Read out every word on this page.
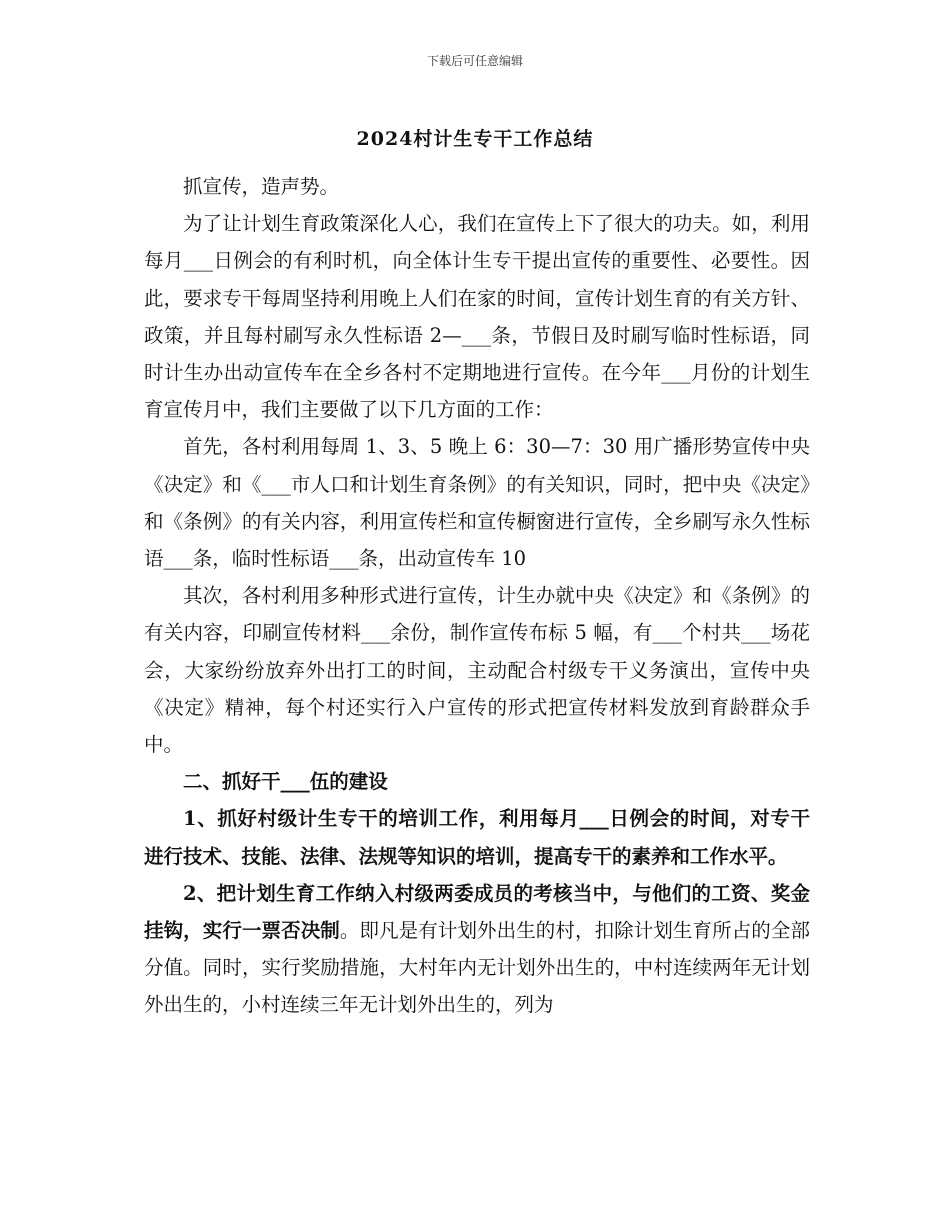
下载后可任意编辑
2024村计生专干工作总结

抓宣传，造声势。

为了让计划生育政策深化人心，我们在宣传上下了很大的功夫。如，利用每月___日例会的有利时机，向全体计生专干提出宣传的重要性、必要性。因此，要求专干每周坚持利用晚上人们在家的时间，宣传计划生育的有关方针、政策，并且每村刷写永久性标语 2—___条，节假日及时刷写临时性标语，同时计生办出动宣传车在全乡各村不定期地进行宣传。在今年___月份的计划生育宣传月中，我们主要做了以下几方面的工作：

首先，各村利用每周 1、3、5 晚上 6：30—7：30 用广播形势宣传中央《决定》和《___市人口和计划生育条例》的有关知识，同时，把中央《决定》和《条例》的有关内容，利用宣传栏和宣传橱窗进行宣传，全乡刷写永久性标语___条，临时性标语___条，出动宣传车 10

其次，各村利用多种形式进行宣传，计生办就中央《决定》和《条例》的有关内容，印刷宣传材料___余份，制作宣传布标 5 幅，有___个村共___场花会，大家纷纷放弃外出打工的时间，主动配合村级专干义务演出，宣传中央《决定》精神，每个村还实行入户宣传的形式把宣传材料发放到育龄群众手中。

二、抓好干___伍的建设

1、抓好村级计生专干的培训工作，利用每月___日例会的时间，对专干进行技术、技能、法律、法规等知识的培训，提高专干的素养和工作水平。

2、把计划生育工作纳入村级两委成员的考核当中，与他们的工资、奖金挂钩，实行一票否决制。即凡是有计划外出生的村，扣除计划生育所占的全部分值。同时，实行奖励措施，大村年内无计划外出生的，中村连续两年无计划外出生的，小村连续三年无计划外出生的，列为
